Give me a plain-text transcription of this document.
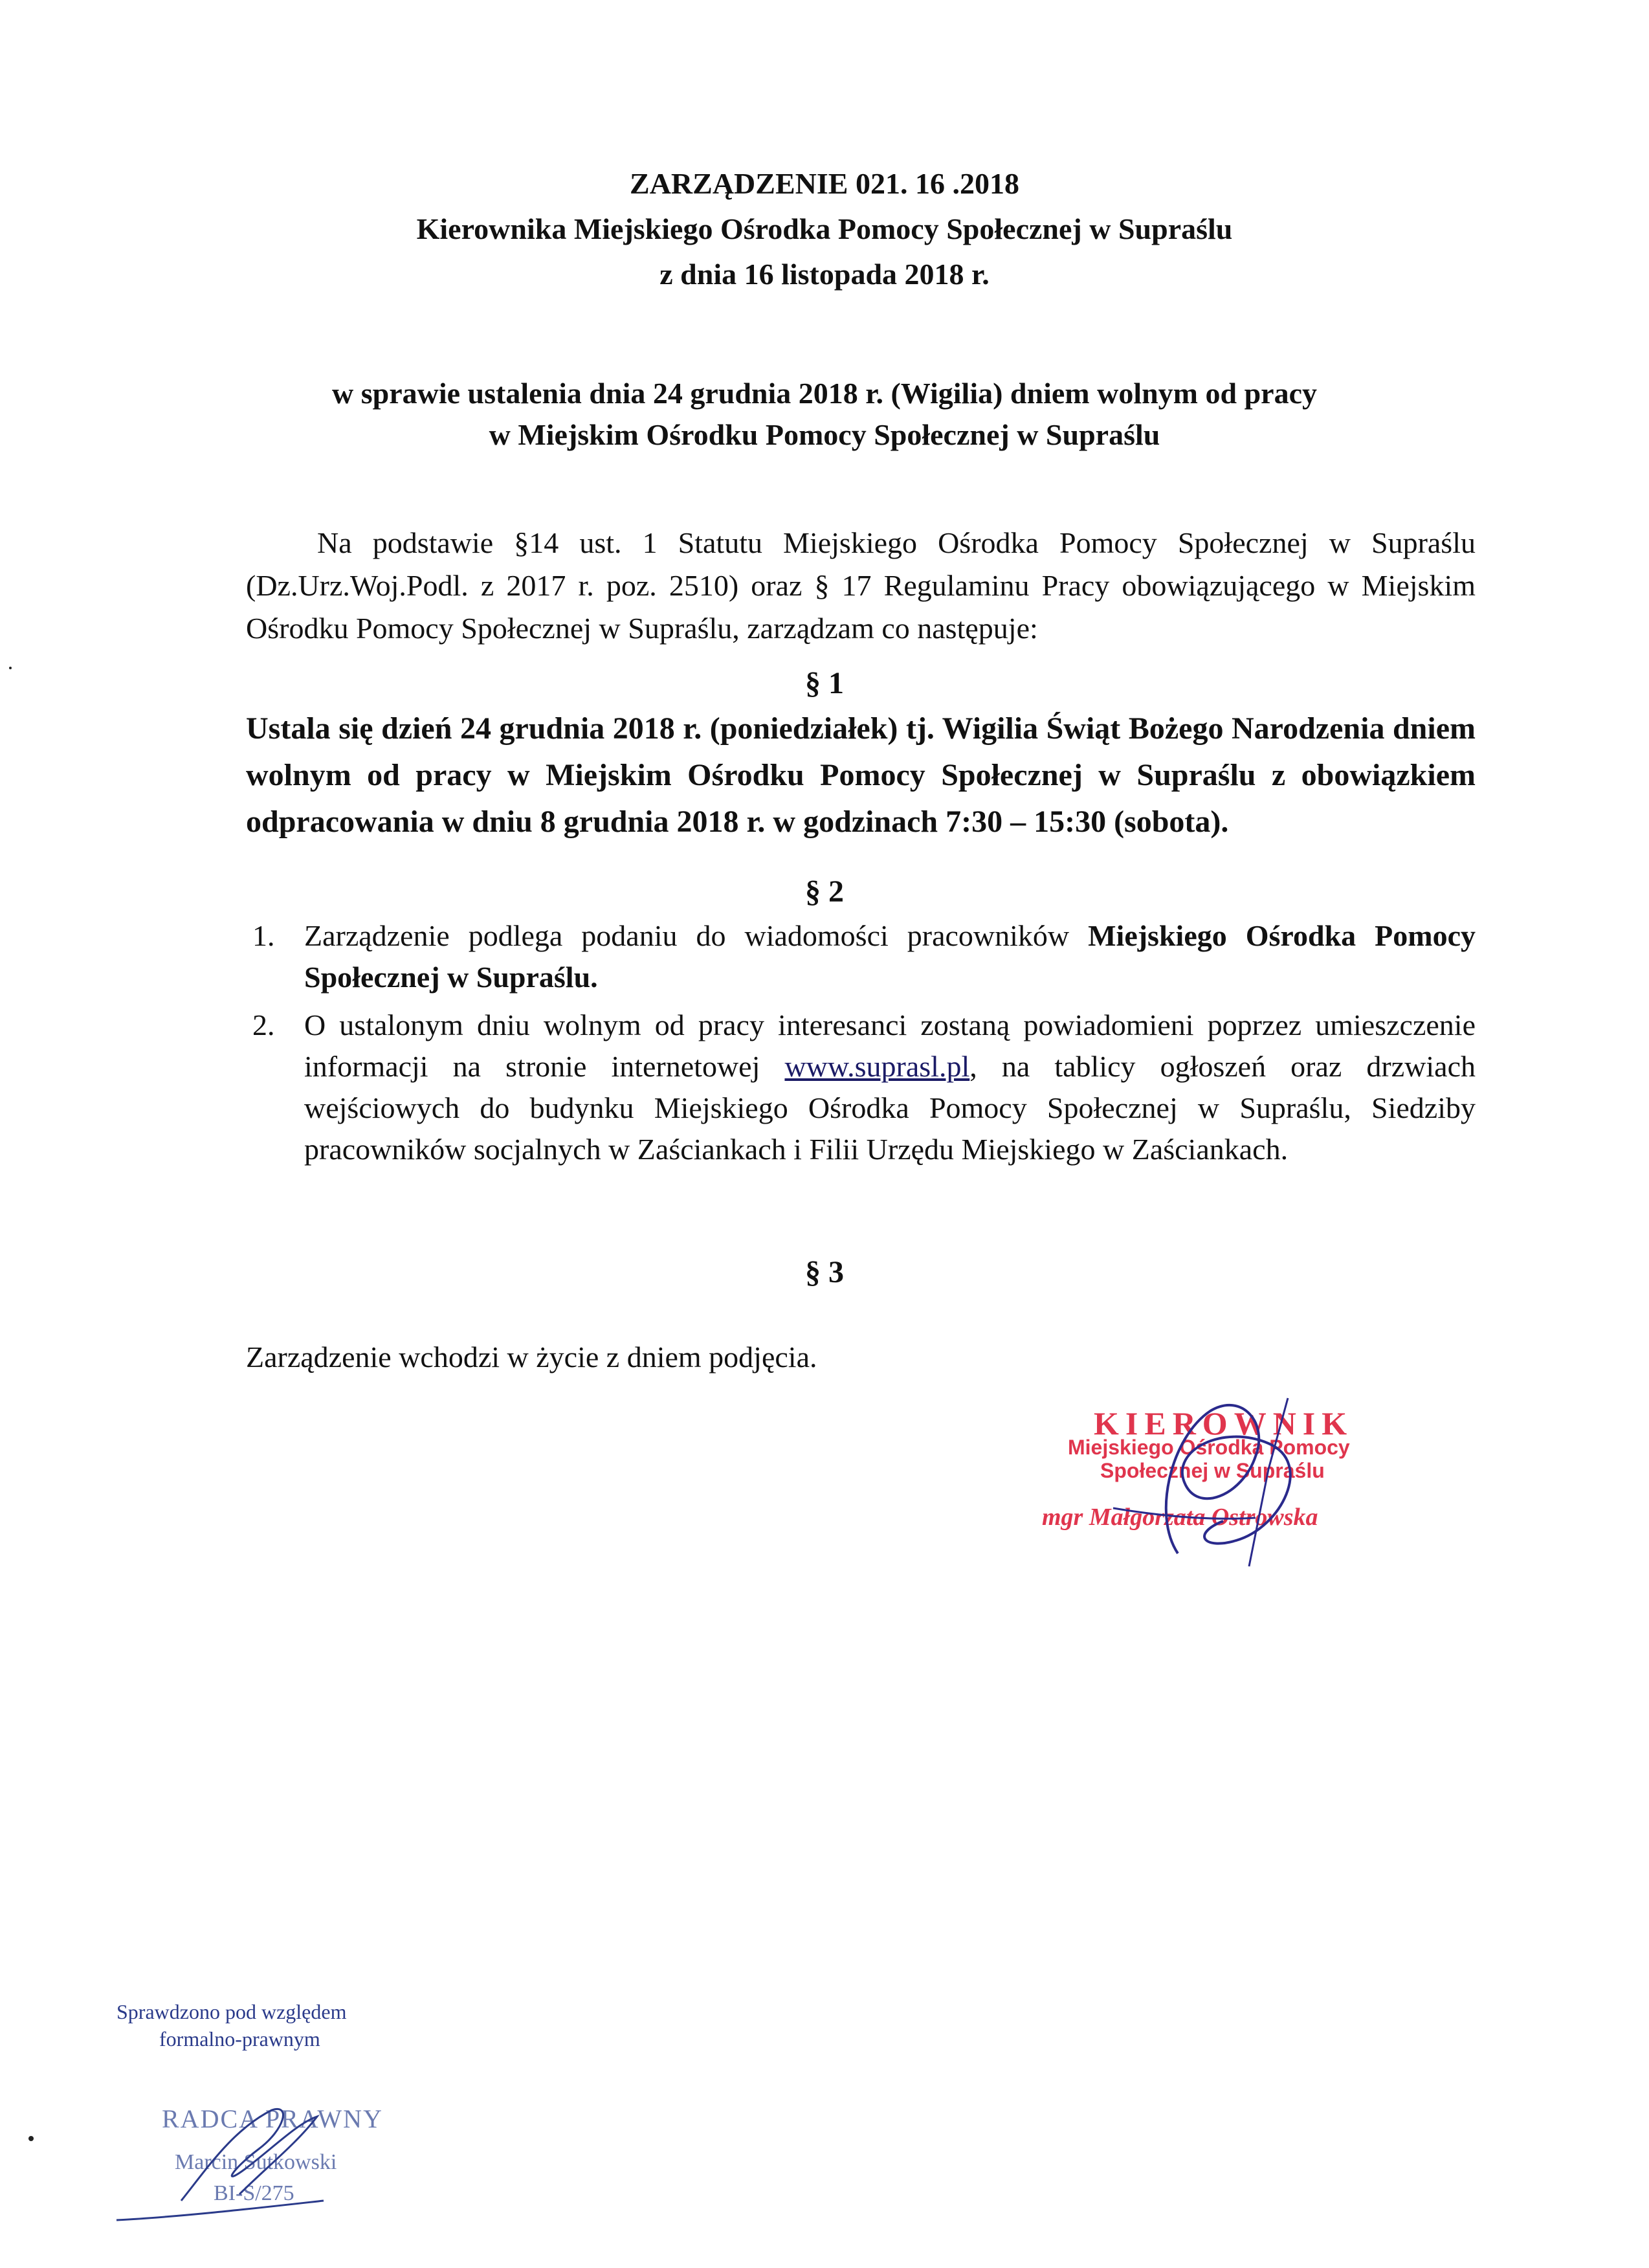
ZARZĄDZENIE 021. 16 .2018
Kierownika Miejskiego Ośrodka Pomocy Społecznej w Supraślu
z dnia 16 listopada 2018 r.
w sprawie ustalenia dnia 24 grudnia 2018 r. (Wigilia) dniem wolnym od pracy
w Miejskim Ośrodku Pomocy Społecznej w Supraślu
Na podstawie §14 ust. 1 Statutu Miejskiego Ośrodka Pomocy Społecznej w Supraślu (Dz.Urz.Woj.Podl. z 2017 r. poz. 2510) oraz § 17 Regulaminu Pracy obowiązującego w Miejskim Ośrodku Pomocy Społecznej w Supraślu, zarządzam co następuje:
§ 1
Ustala się dzień 24 grudnia 2018 r. (poniedziałek) tj. Wigilia Świąt Bożego Narodzenia dniem wolnym od pracy w Miejskim Ośrodku Pomocy Społecznej w Supraślu z obowiązkiem odpracowania w dniu 8 grudnia 2018 r. w godzinach 7:30 – 15:30 (sobota).
§ 2
1. Zarządzenie podlega podaniu do wiadomości pracowników Miejskiego Ośrodka Pomocy Społecznej w Supraślu.
2. O ustalonym dniu wolnym od pracy interesanci zostaną powiadomieni poprzez umieszczenie informacji na stronie internetowej www.suprasl.pl, na tablicy ogłoszeń oraz drzwiach wejściowych do budynku Miejskiego Ośrodka Pomocy Społecznej w Supraślu, Siedziby pracowników socjalnych w Zaściankach i Filii Urzędu Miejskiego w Zaściankach.
§ 3
Zarządzenie wchodzi w życie z dniem podjęcia.
KIEROWNIK
Miejskiego Ośrodka Pomocy
Społecznej w Supraślu
mgr Małgorzata Ostrowska
Sprawdzono pod względem
formalno-prawnym
RADCA PRAWNY
Marcin Sutkowski
BI-S/275
